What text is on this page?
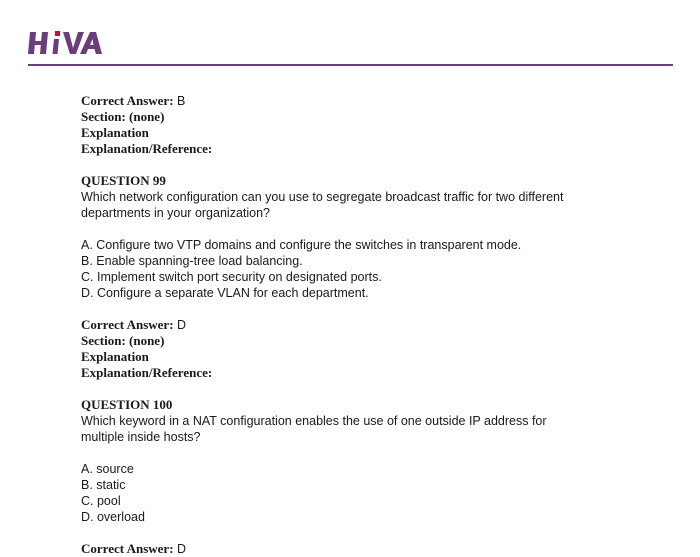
Correct Answer: B
Section: (none)
Explanation
Explanation/Reference:
QUESTION 99
Which network configuration can you use to segregate broadcast traffic for two different
departments in your organization?
A. Configure two VTP domains and configure the switches in transparent mode.
B. Enable spanning-tree load balancing.
C. Implement switch port security on designated ports.
D. Configure a separate VLAN for each department.
Correct Answer: D
Section: (none)
Explanation
Explanation/Reference:
QUESTION 100
Which keyword in a NAT configuration enables the use of one outside IP address for
multiple inside hosts?
A. source
B. static
C. pool
D. overload
Correct Answer: D
